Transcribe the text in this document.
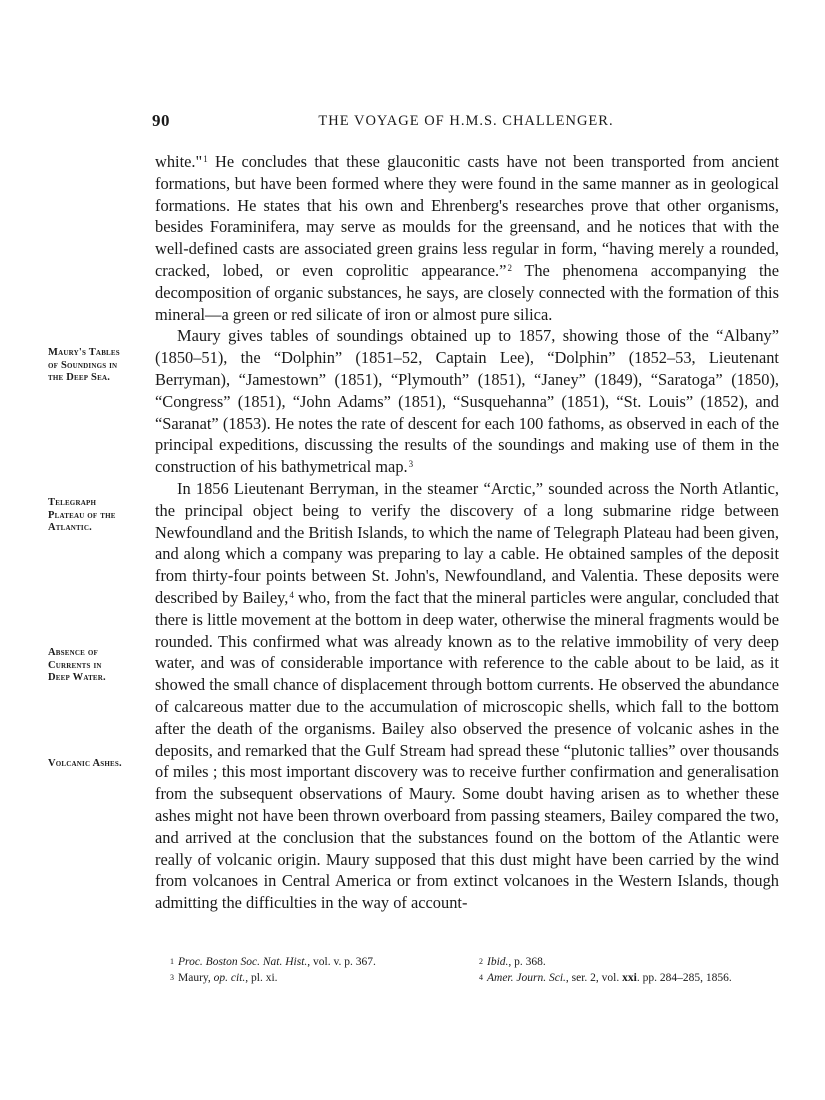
90	THE VOYAGE OF H.M.S. CHALLENGER.
Maury's Tables
of Soundings in
the Deep Sea.
Telegraph
Plateau of the
Atlantic.
Absence of
Currents in
Deep Water.
Volcanic Ashes.

white."$^1$ He concludes that these glauconitic casts have not been transported from ancient formations, but have been formed where they were found in the same manner as in geological formations. He states that his own and Ehrenberg's researches prove that other organisms, besides Foraminifera, may serve as moulds for the greensand, and he notices that with the well-defined casts are associated green grains less regular in form, “having merely a rounded, cracked, lobed, or even coprolitic appearance.”$^2$ The phenomena accompanying the decomposition of organic substances, he says, are closely connected with the formation of this mineral—a green or red silicate of iron or almost pure silica.

Maury gives tables of soundings obtained up to 1857, showing those of the “Albany” (1850–51), the “Dolphin” (1851–52, Captain Lee), “Dolphin” (1852–53, Lieutenant Berryman), “Jamestown” (1851), “Plymouth” (1851), “Janey” (1849), “Saratoga” (1850), “Congress” (1851), “John Adams” (1851), “Susquehanna” (1851), “St. Louis” (1852), and “Saranat” (1853). He notes the rate of descent for each 100 fathoms, as observed in each of the principal expeditions, discussing the results of the soundings and making use of them in the construction of his bathymetrical map.$^3$

In 1856 Lieutenant Berryman, in the steamer “Arctic,” sounded across the North Atlantic, the principal object being to verify the discovery of a long submarine ridge between Newfoundland and the British Islands, to which the name of Telegraph Plateau had been given, and along which a company was preparing to lay a cable. He obtained samples of the deposit from thirty-four points between St. John's, Newfoundland, and Valentia. These deposits were described by Bailey,$^4$ who, from the fact that the mineral particles were angular, concluded that there is little movement at the bottom in deep water, otherwise the mineral fragments would be rounded. This confirmed what was already known as to the relative immobility of very deep water, and was of considerable importance with reference to the cable about to be laid, as it showed the small chance of displacement through bottom currents. He observed the abundance of calcareous matter due to the accumulation of microscopic shells, which fall to the bottom after the death of the organisms. Bailey also observed the presence of volcanic ashes in the deposits, and remarked that the Gulf Stream had spread these “plutonic tallies” over thousands of miles ; this most important discovery was to receive further confirmation and generalisation from the subsequent observations of Maury. Some doubt having arisen as to whether these ashes might not have been thrown overboard from passing steamers, Bailey compared the two, and arrived at the conclusion that the substances found on the bottom of the Atlantic were really of volcanic origin. Maury supposed that this dust might have been carried by the wind from volcanoes in Central America or from extinct volcanoes in the Western Islands, though admitting the difficulties in the way of account-

$^1$ Proc. Boston Soc. Nat. Hist., vol. v. p. 367.	$^2$ Ibid., p. 368.
$^3$ Maury, op. cit., pl. xi.	$^4$ Amer. Journ. Sci., ser. 2, vol. xxi. pp. 284–285, 1856.
